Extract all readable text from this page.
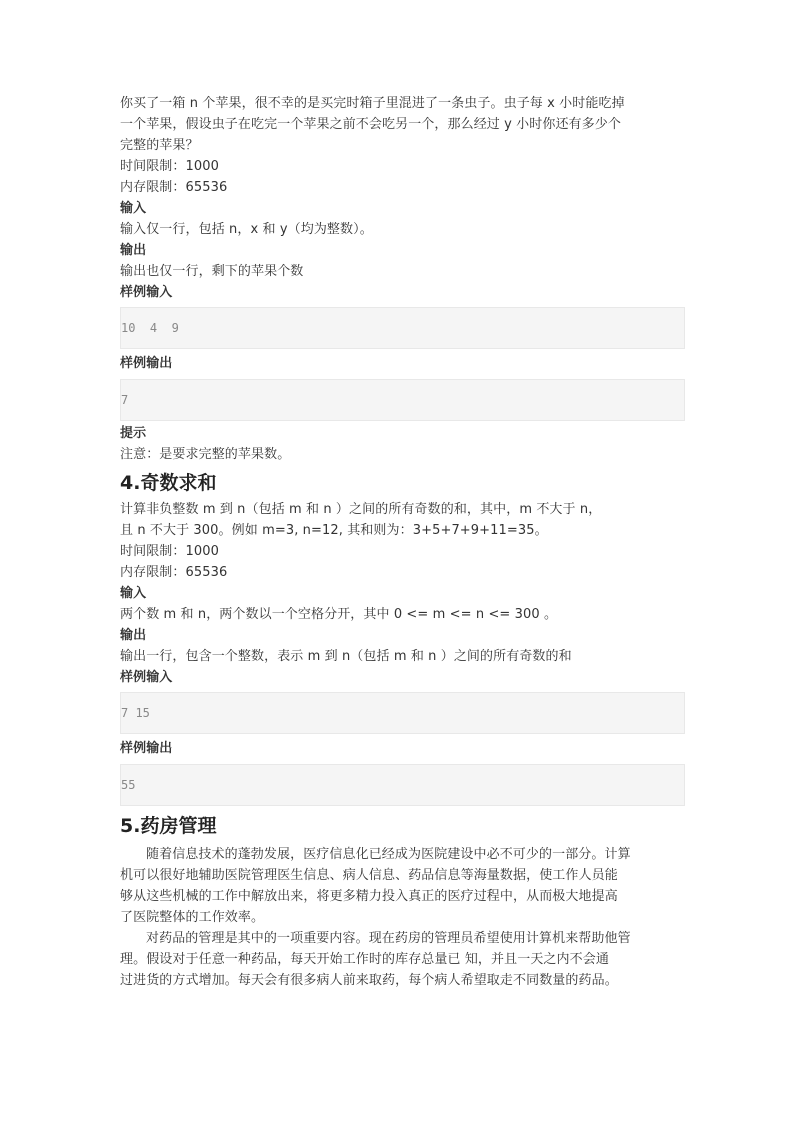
你买了一箱 n 个苹果，很不幸的是买完时箱子里混进了一条虫子。虫子每 x 小时能吃掉
一个苹果，假设虫子在吃完一个苹果之前不会吃另一个，那么经过 y 小时你还有多少个
完整的苹果？
时间限制：1000
内存限制：65536
输入
输入仅一行，包括 n，x 和 y（均为整数）。
输出
输出也仅一行，剩下的苹果个数
样例输入
10  4  9
样例输出
7
提示
注意：是要求完整的苹果数。
4.奇数求和
计算非负整数 m 到 n（包括 m 和 n ）之间的所有奇数的和，其中，m 不大于 n，
且 n 不大于 300。例如 m=3, n=12, 其和则为：3+5+7+9+11=35。
时间限制：1000
内存限制：65536
输入
两个数 m 和 n，两个数以一个空格分开，其中 0 <= m <= n <= 300 。
输出
输出一行，包含一个整数，表示 m 到 n（包括 m 和 n ）之间的所有奇数的和
样例输入
7 15
样例输出
55
5.药房管理
随着信息技术的蓬勃发展，医疗信息化已经成为医院建设中必不可少的一部分。计算
机可以很好地辅助医院管理医生信息、病人信息、药品信息等海量数据，使工作人员能
够从这些机械的工作中解放出来，将更多精力投入真正的医疗过程中，从而极大地提高
了医院整体的工作效率。
对药品的管理是其中的一项重要内容。现在药房的管理员希望使用计算机来帮助他管
理。假设对于任意一种药品，每天开始工作时的库存总量已 知，并且一天之内不会通
过进货的方式增加。每天会有很多病人前来取药，每个病人希望取走不同数量的药品。
